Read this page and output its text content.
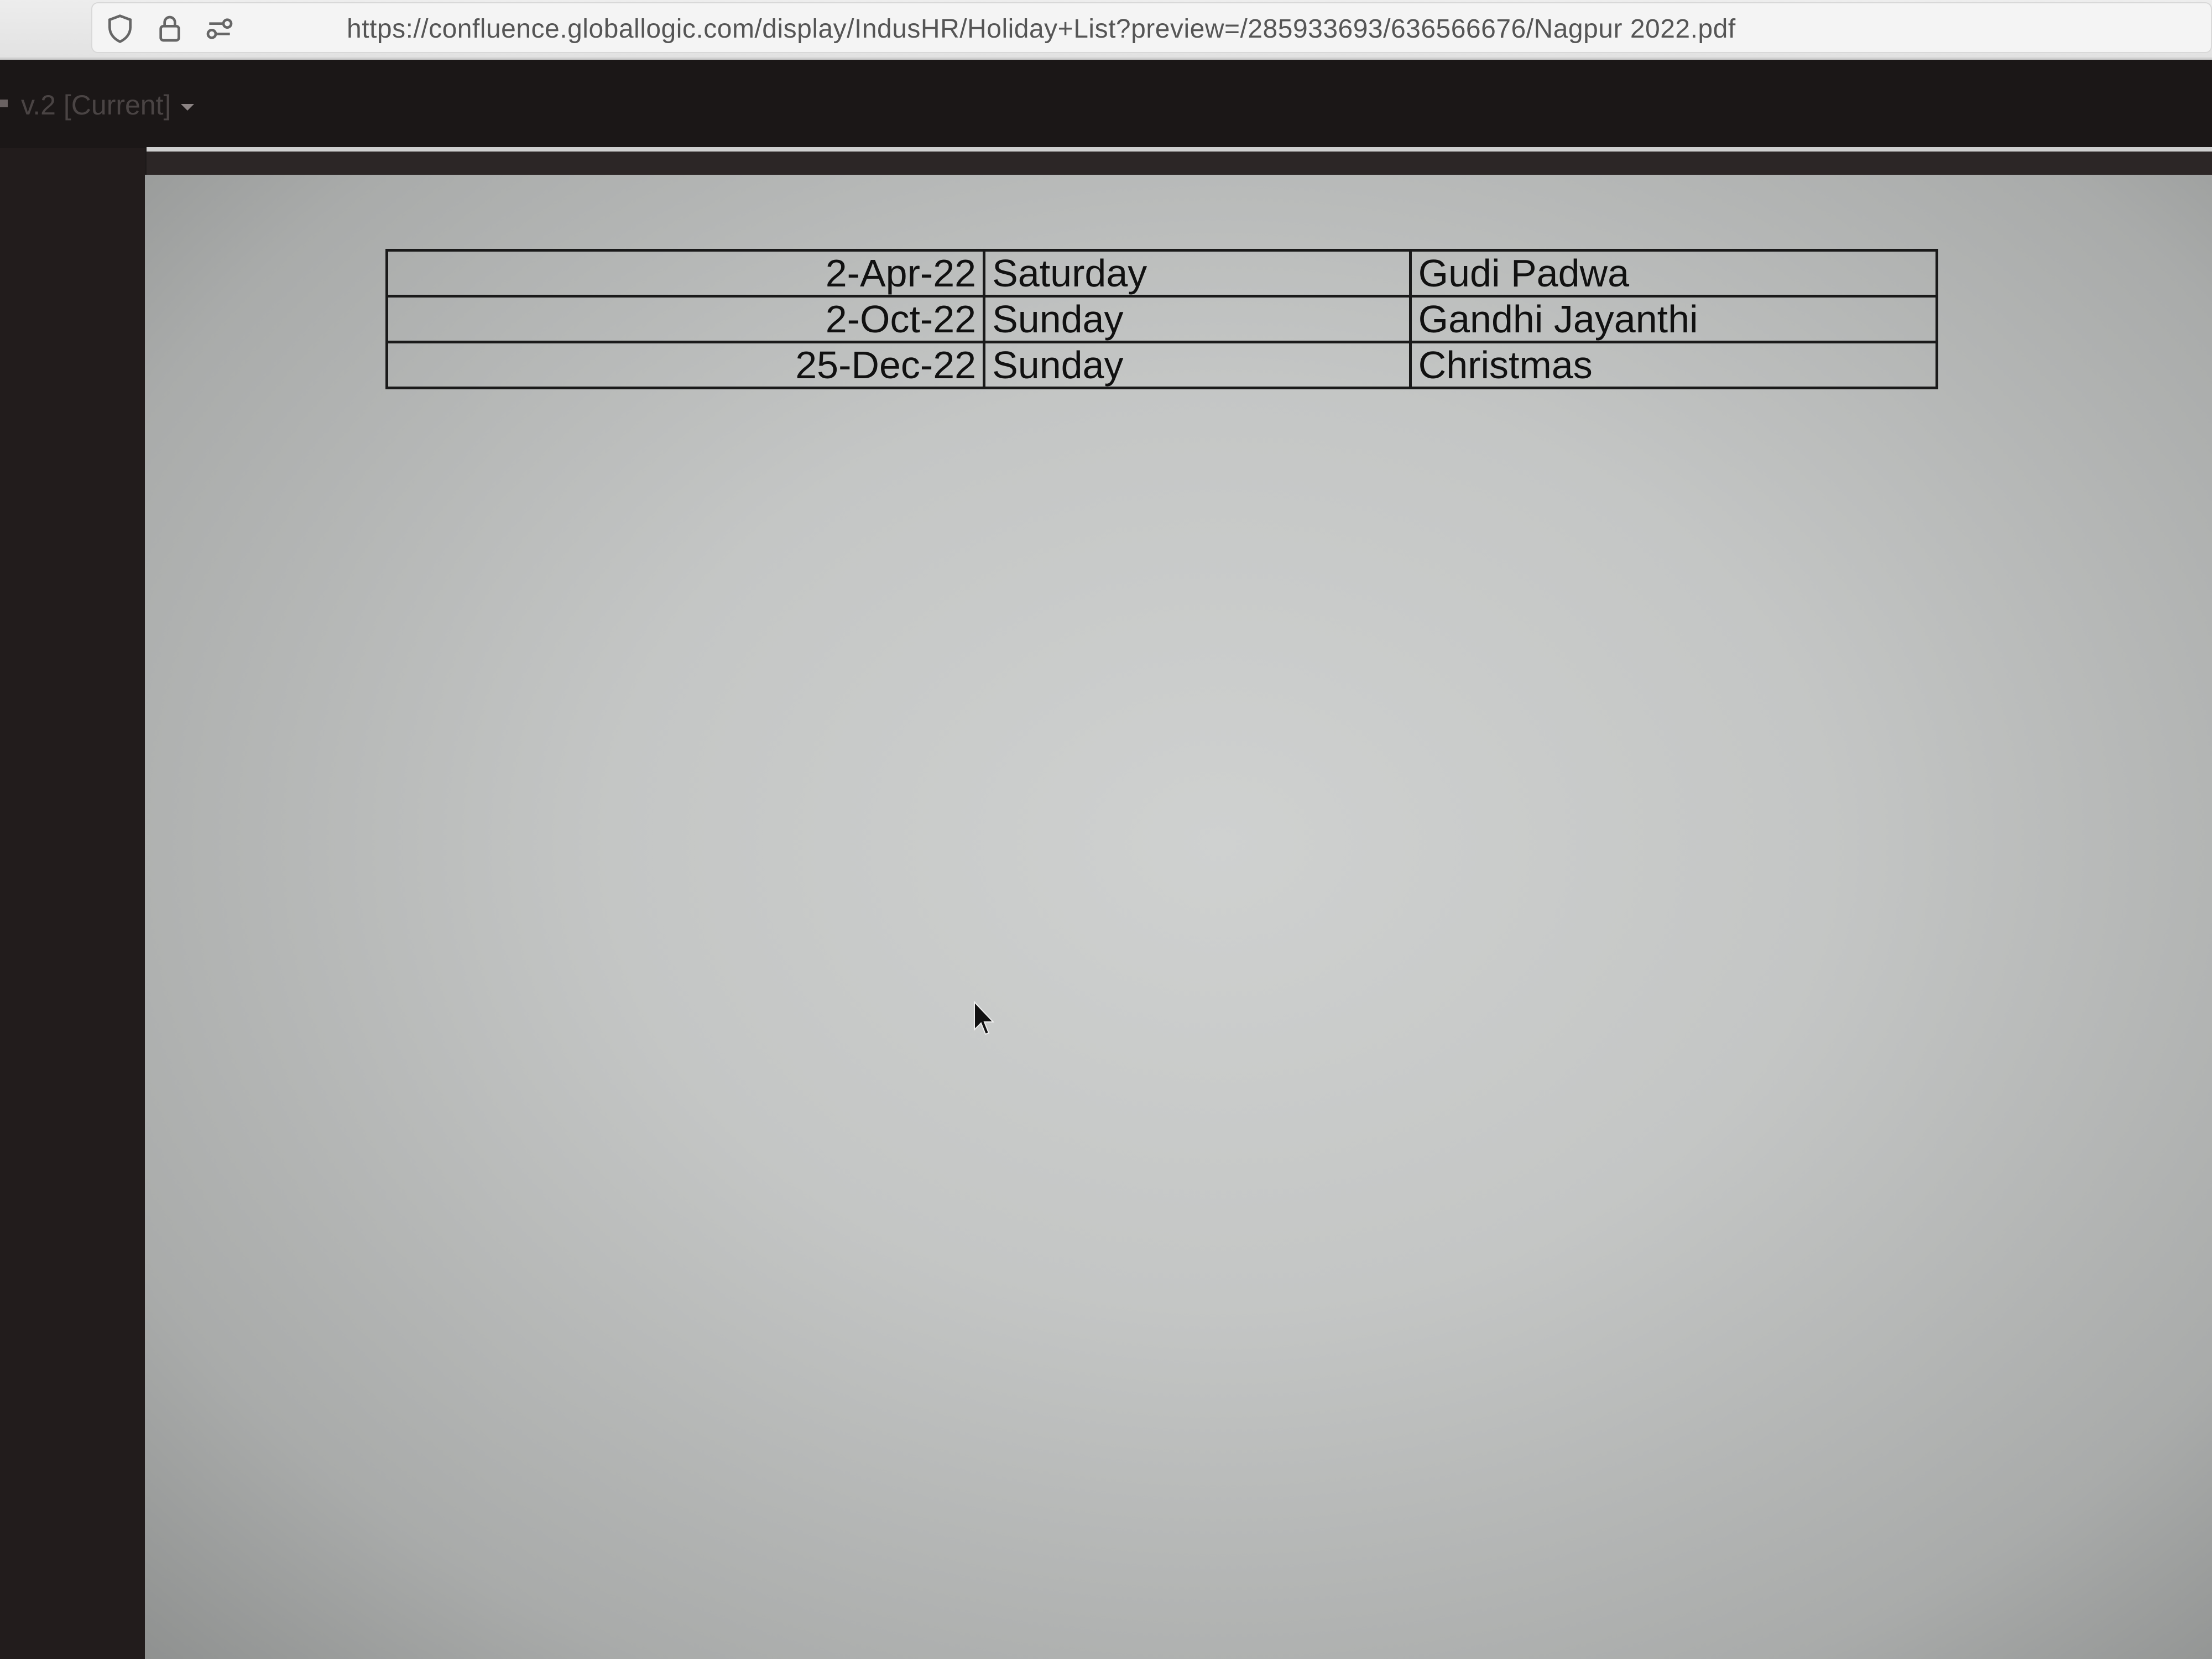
https://confluence.globallogic.com/display/IndusHR/Holiday+List?preview=/285933693/636566676/Nagpur 2022.pdf
v.2 [Current]
2-Apr-22	Saturday	Gudi Padwa
2-Oct-22	Sunday	Gandhi Jayanthi
25-Dec-22	Sunday	Christmas
